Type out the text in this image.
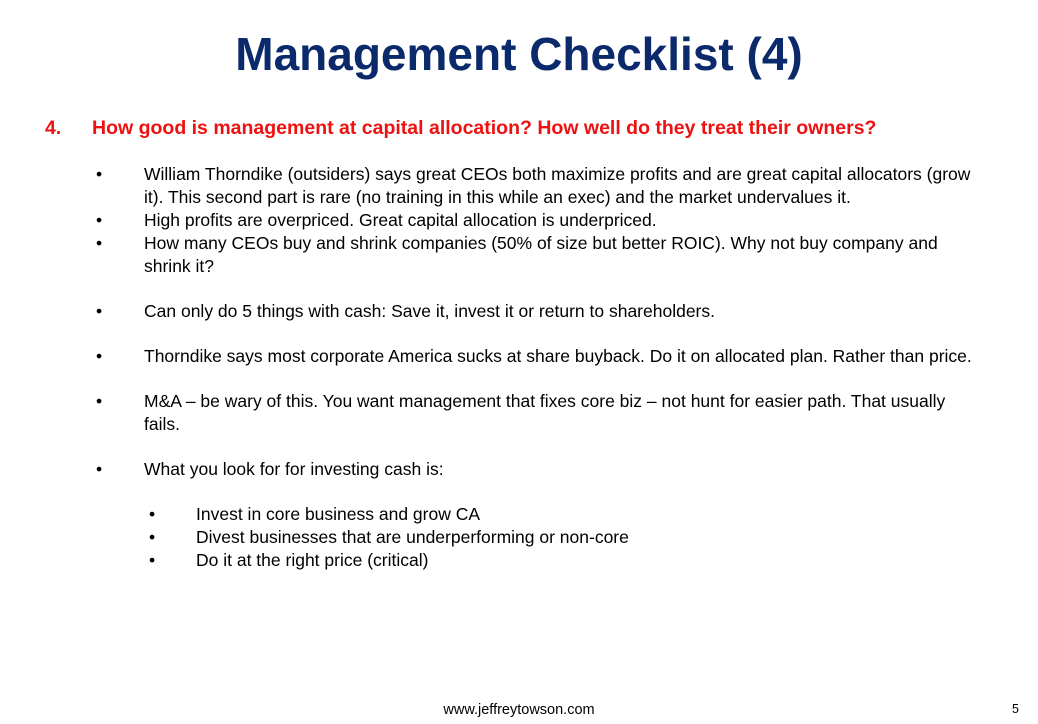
Management Checklist (4)
4. How good is management at capital allocation? How well do they treat their owners?
• William Thorndike (outsiders) says great CEOs both maximize profits and are great capital allocators (grow it). This second part is rare (no training in this while an exec) and the market undervalues it.
• High profits are overpriced. Great capital allocation is underpriced.
• How many CEOs buy and shrink companies (50% of size but better ROIC). Why not buy company and shrink it?
• Can only do 5 things with cash: Save it, invest it or return to shareholders.
• Thorndike says most corporate America sucks at share buyback. Do it on allocated plan. Rather than price.
• M&A – be wary of this. You want management that fixes core biz – not hunt for easier path. That usually fails.
• What you look for for investing cash is:
• Invest in core business and grow CA
• Divest businesses that are underperforming or non-core
• Do it at the right price (critical)
www.jeffreytowson.com	5
